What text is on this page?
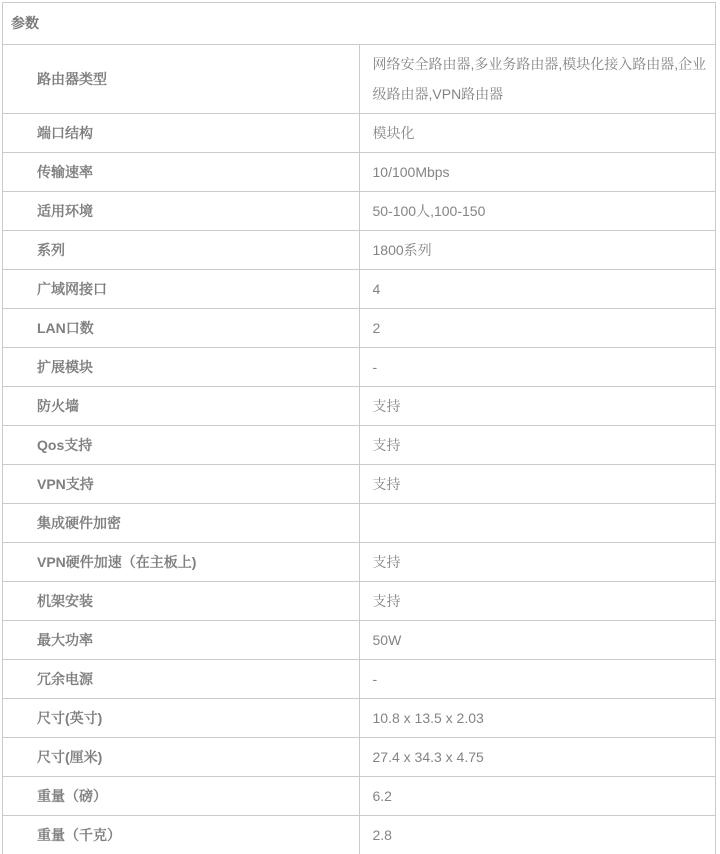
参数	
路由器类型	网络安全路由器,多业务路由器,模块化接入路由器,企业级路由器,VPN路由器
端口结构	模块化
传输速率	10/100Mbps
适用环境	50-100人,100-150
系列	1800系列
广域网接口	4
LAN口数	2
扩展模块	-
防火墙	支持
Qos支持	支持
VPN支持	支持
集成硬件加密	
VPN硬件加速（在主板上)	支持
机架安装	支持
最大功率	50W
冗余电源	-
尺寸(英寸)	10.8 x 13.5 x 2.03
尺寸(厘米)	27.4 x 34.3 x 4.75
重量（磅）	6.2
重量（千克）	2.8
